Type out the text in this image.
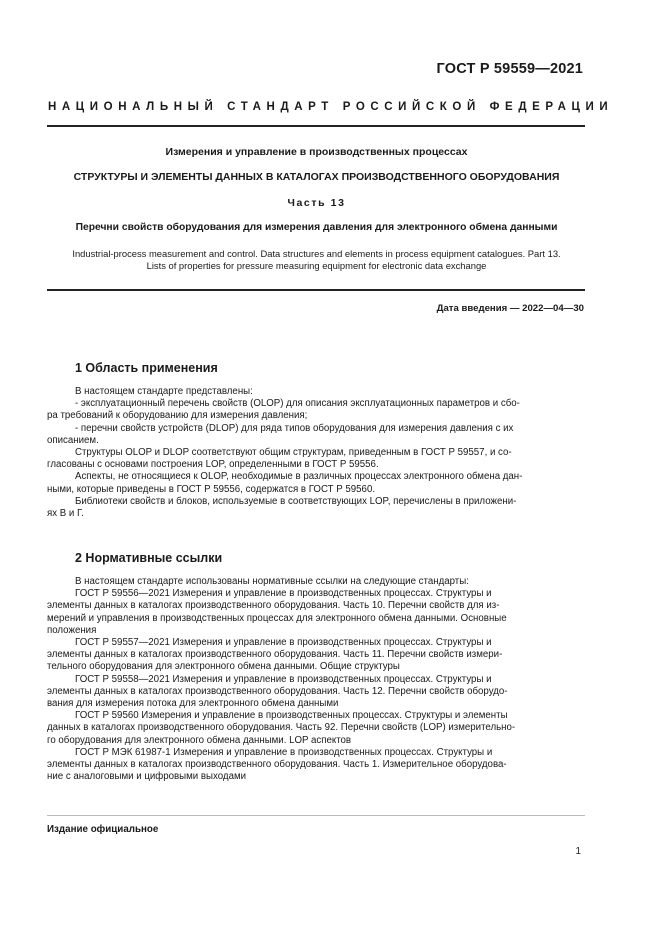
ГОСТ Р 59559—2021
НАЦИОНАЛЬНЫЙ СТАНДАРТ РОССИЙСКОЙ ФЕДЕРАЦИИ
Измерения и управление в производственных процессах
СТРУКТУРЫ И ЭЛЕМЕНТЫ ДАННЫХ В КАТАЛОГАХ ПРОИЗВОДСТВЕННОГО ОБОРУДОВАНИЯ
Часть 13
Перечни свойств оборудования для измерения давления для электронного обмена данными
Industrial-process measurement and control. Data structures and elements in process equipment catalogues. Part 13.
Lists of properties for pressure measuring equipment for electronic data exchange
Дата введения — 2022—04—30
1 Область применения
В настоящем стандарте представлены:
- эксплуатационный перечень свойств (OLOP) для описания эксплуатационных параметров и сбо-
ра требований к оборудованию для измерения давления;
- перечни свойств устройств (DLOP) для ряда типов оборудования для измерения давления с их
описанием.
Структуры OLOP и DLOP соответствуют общим структурам, приведенным в ГОСТ Р 59557, и со-
гласованы с основами построения LOP, определенными в ГОСТ Р 59556.
Аспекты, не относящиеся к OLOP, необходимые в различных процессах электронного обмена дан-
ными, которые приведены в ГОСТ Р 59556, содержатся в ГОСТ Р 59560.
Библиотеки свойств и блоков, используемые в соответствующих LOP, перечислены в приложени-
ях В и Г.
2 Нормативные ссылки
В настоящем стандарте использованы нормативные ссылки на следующие стандарты:
ГОСТ Р 59556—2021 Измерения и управление в производственных процессах. Структуры и
элементы данных в каталогах производственного оборудования. Часть 10. Перечни свойств для из-
мерений и управления в производственных процессах для электронного обмена данными. Основные
положения
ГОСТ Р 59557—2021 Измерения и управление в производственных процессах. Структуры и
элементы данных в каталогах производственного оборудования. Часть 11. Перечни свойств измери-
тельного оборудования для электронного обмена данными. Общие структуры
ГОСТ Р 59558—2021 Измерения и управление в производственных процессах. Структуры и
элементы данных в каталогах производственного оборудования. Часть 12. Перечни свойств оборудо-
вания для измерения потока для электронного обмена данными
ГОСТ Р 59560 Измерения и управление в производственных процессах. Структуры и элементы
данных в каталогах производственного оборудования. Часть 92. Перечни свойств (LOP) измерительно-
го оборудования для электронного обмена данными. LOP аспектов
ГОСТ Р МЭК 61987-1 Измерения и управление в производственных процессах. Структуры и
элементы данных в каталогах производственного оборудования. Часть 1. Измерительное оборудова-
ние с аналоговыми и цифровыми выходами
Издание официальное
1
